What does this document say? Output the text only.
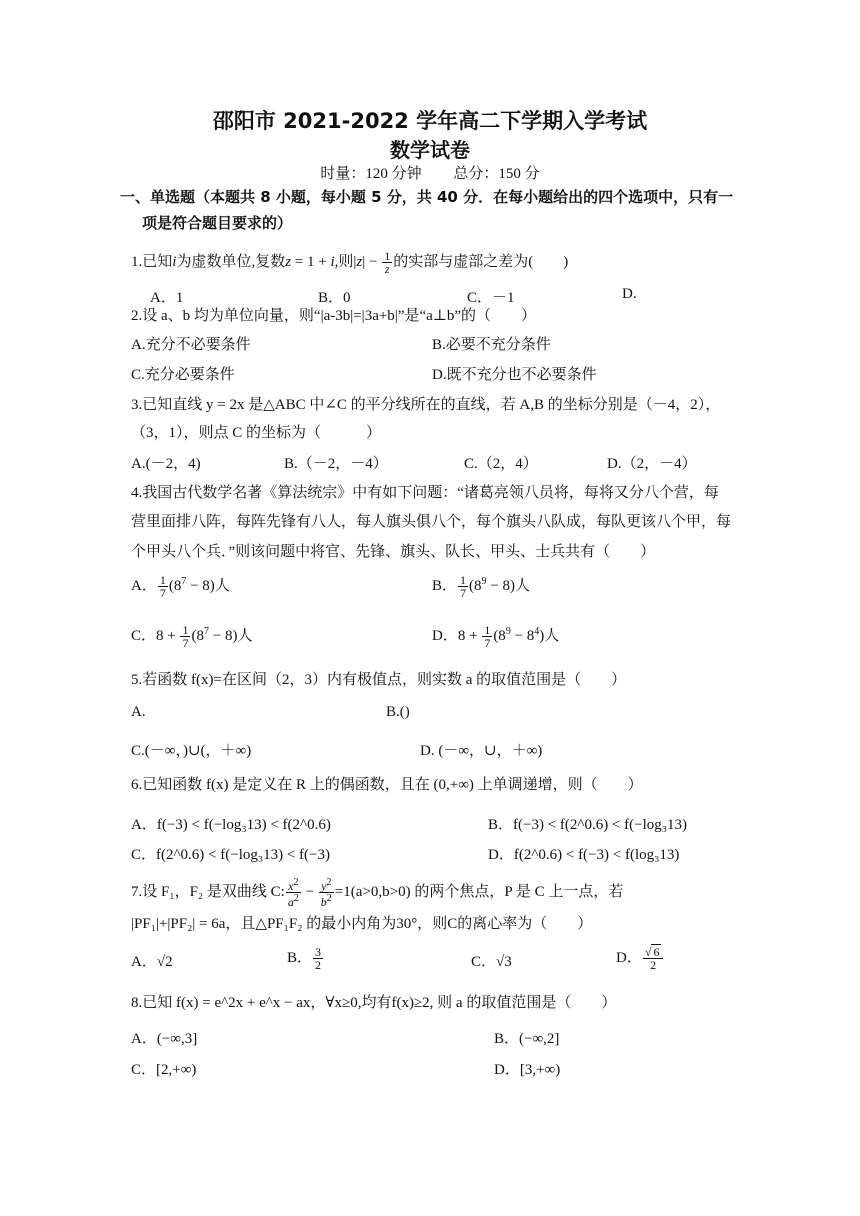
邵阳市 2021-2022 学年高二下学期入学考试
数学试卷
时量：120 分钟 总分：150 分
一、单选题（本题共 8 小题，每小题 5 分，共 40 分．在每小题给出的四个选项中，只有一
项是符合题目要求的）
1.已知i为虚数单位,复数z = 1 + i,则$|z| - \frac{1}{z}$ 的实部与虚部之差为(　　)
A．1	B．0	C．－1	D.
2.设 a、b 均为单位向量，则“|a-3b|=|3a+b|”是“a⊥b”的（　　）
A.充分不必要条件	B.必要不充分条件
C.充分必要条件	D.既不充分也不必要条件
3.已知直线 y = 2x 是△ABC 中∠C 的平分线所在的直线，若 A,B 的坐标分别是（－4，2），
（3，1），则点 C 的坐标为（　　　）
A.(－2，4)	B.（－2，－4）	C.（2，4）	D.（2，－4）
4.我国古代数学名著《算法统宗》中有如下问题：“诸葛亮领八员将，每将又分八个营，每
营里面排八阵，每阵先锋有八人，每人旗头俱八个，每个旗头八队成，每队更该八个甲，每
个甲头八个兵．”则该问题中将官、先锋、旗头、队长、甲头、士兵共有（　　）
A． $\frac{1}{7} (8^7 - 8)$人	B． $\frac{1}{7} (8^9 - 8)$人
C．$8 + \frac{1}{7} (8^7 - 8)$人	D．$8 + \frac{1}{7} (8^9 - 8^4)$人
5.若函数 f(x)=在区间（2，3）内有极值点，则实数 a 的取值范围是（　　）
A.	B.()
C.(－∞，)∪(，＋∞)	D. (－∞，∪，＋∞)
6.已知函数 f(x) 是定义在 R 上的偶函数，且在 (0,+∞) 上单调递增，则（　　）
A．f(−3) < f(−log₃13) < f(2^0.6)	B．f(−3) < f(2^0.6) < f(−log₃13)
C．f(2^0.6) < f(−log₃13) < f(−3)	D．f(2^0.6) < f(−3) < f(log₃13)
7.设 F₁，F₂ 是双曲线 C: $\frac{x^2}{a^2} - \frac{y^2}{b^2} =1(a>0,b>0)$ 的两个焦点，P 是 C 上一点，若
|PF₁|+|PF₂| = 6a，且△PF₁F₂ 的最小内角为30°，则C的离心率为（　　）
A．√2	B． $\frac{3}{2}$	C．√3	D． $\frac{√ 6}{2}$
8.已知 f(x) = e^2x + e^x − ax，∀x≥0,均有f(x)≥2, 则 a 的取值范围是（　　）
A．(−∞,3]	B．(−∞,2]
C．[2,+∞)	D．[3,+∞)
